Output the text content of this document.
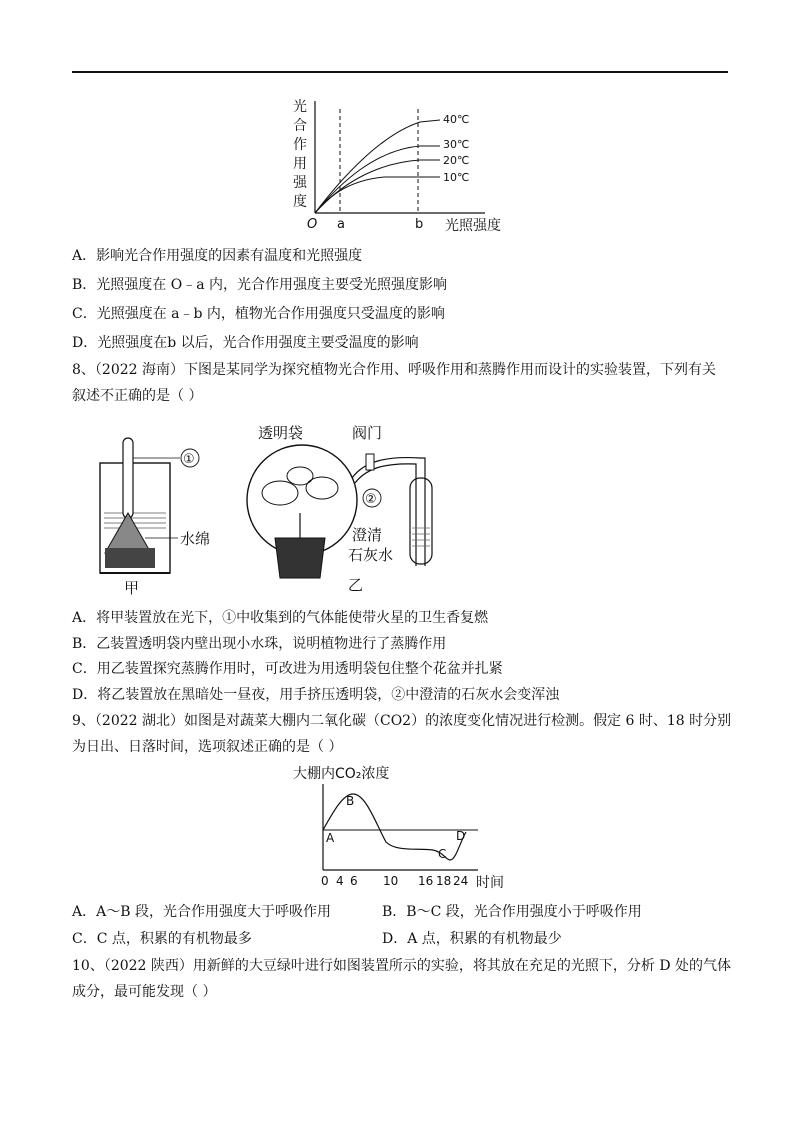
光
合
作
用
强
度
O a	b 光照强度
40℃
30℃
20℃
10℃
A．影响光合作用强度的因素有温度和光照强度
B．光照强度在 O﹣a 内，光合作用强度主要受光照强度影响
C．光照强度在 a﹣b 内，植物光合作用强度只受温度的影响
D．光照强度在b 以后，光合作用强度主要受温度的影响
8、（2022 海南）下图是某同学为探究植物光合作用、呼吸作用和蒸腾作用而设计的实验装置，下列有关
叙述不正确的是（ ）
①
水绵
甲
透明袋	阀门
②
澄清
石灰水
乙
A．将甲装置放在光下，①中收集到的气体能使带火星的卫生香复燃
B．乙装置透明袋内壁出现小水珠，说明植物进行了蒸腾作用
C．用乙装置探究蒸腾作用时，可改进为用透明袋包住整个花盆并扎紧
D．将乙装置放在黑暗处一昼夜，用手挤压透明袋，②中澄清的石灰水会变浑浊
9、（2022 湖北）如图是对蔬菜大棚内二氧化碳（CO2）的浓度变化情况进行检测。假定 6 时、18 时分别
为日出、日落时间，选项叙述正确的是（ ）
大棚内CO₂浓度
A
B
C
D
0 4 6 10 16 18 24 时间
A．A～B 段，光合作用强度大于呼吸作用	B．B～C 段，光合作用强度小于呼吸作用
C．C 点，积累的有机物最多	D．A 点，积累的有机物最少
10、（2022 陕西）用新鲜的大豆绿叶进行如图装置所示的实验，将其放在充足的光照下，分析 D 处的气体
成分，最可能发现（ ）
